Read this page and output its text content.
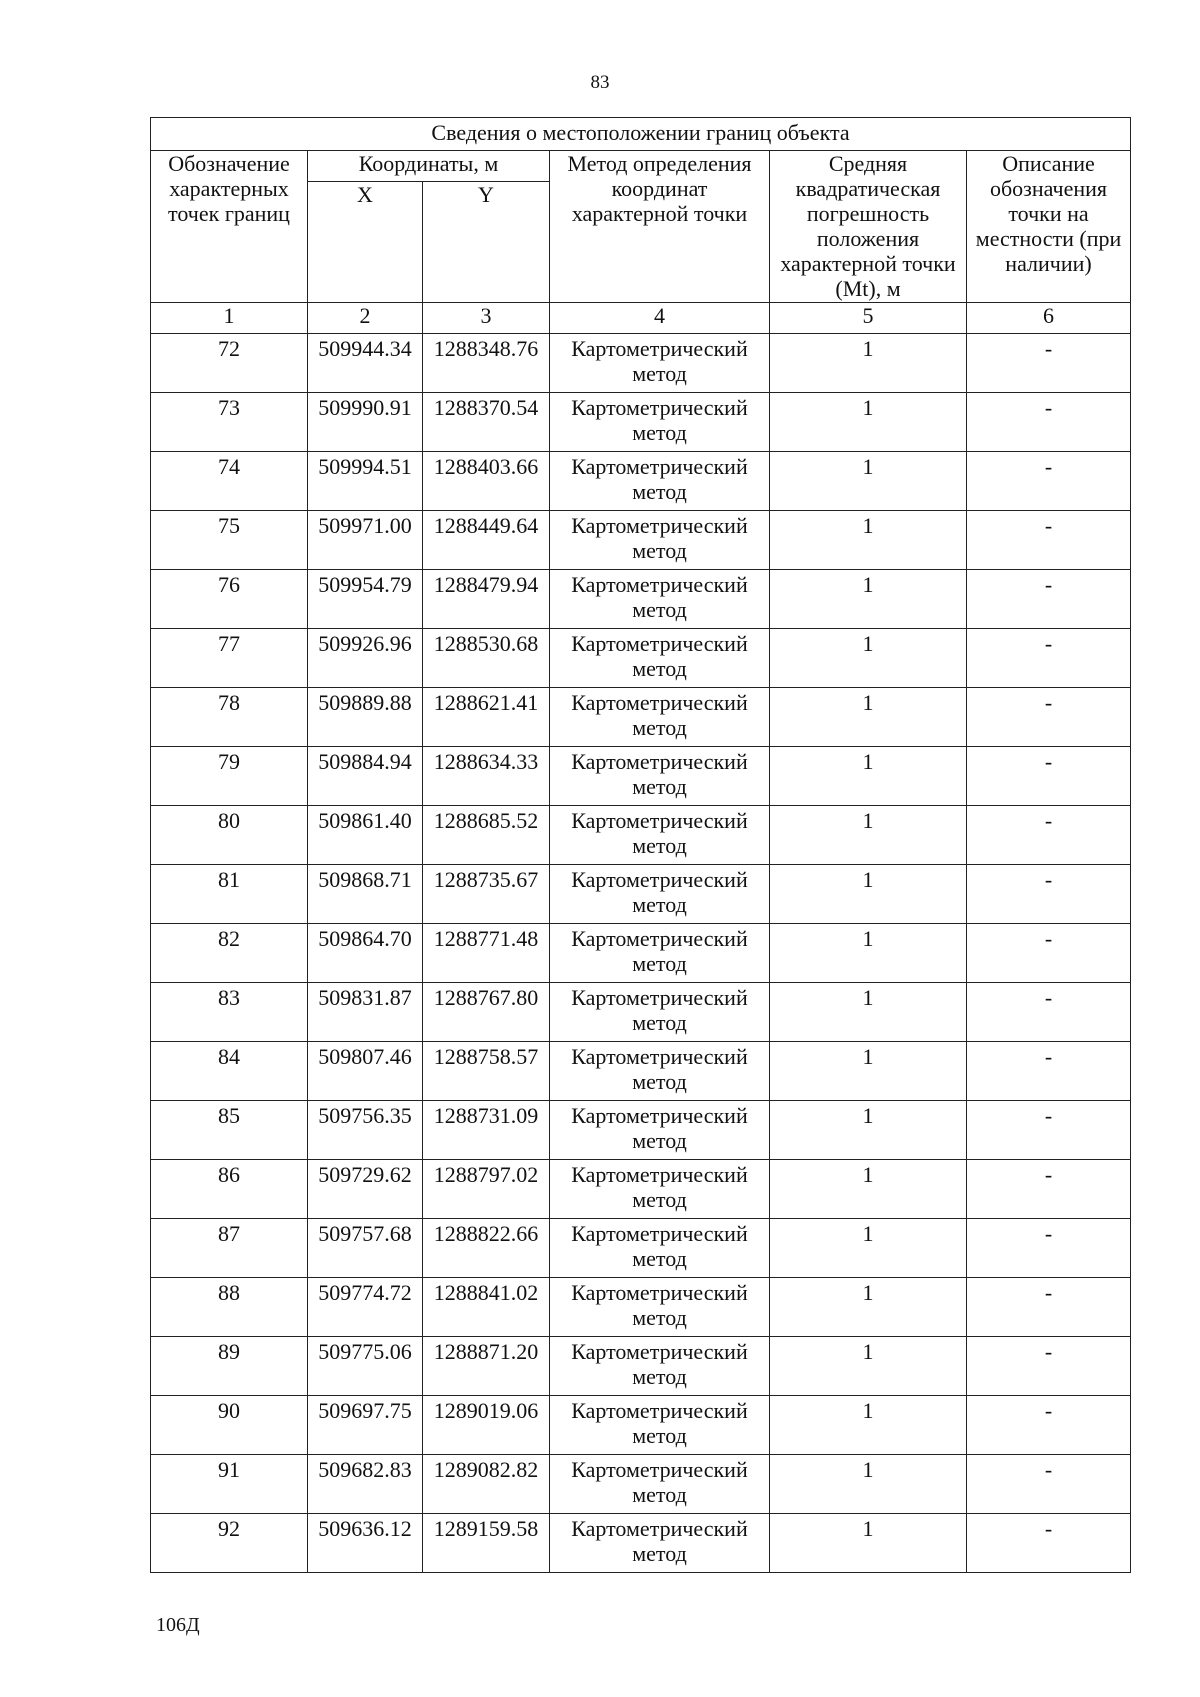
83
Сведения о местоположении границ объекта					
Обозначение характерных точек границ	Координаты, м		Метод определения координат характерной точки	Средняя квадратическая погрешность положения характерной точки (Mt), м	Описание обозначения точки на местности (при наличии)
	X	Y			
1	2	3	4	5	6
72	509944.34	1288348.76	Картометрический метод	1	-
73	509990.91	1288370.54	Картометрический метод	1	-
74	509994.51	1288403.66	Картометрический метод	1	-
75	509971.00	1288449.64	Картометрический метод	1	-
76	509954.79	1288479.94	Картометрический метод	1	-
77	509926.96	1288530.68	Картометрический метод	1	-
78	509889.88	1288621.41	Картометрический метод	1	-
79	509884.94	1288634.33	Картометрический метод	1	-
80	509861.40	1288685.52	Картометрический метод	1	-
81	509868.71	1288735.67	Картометрический метод	1	-
82	509864.70	1288771.48	Картометрический метод	1	-
83	509831.87	1288767.80	Картометрический метод	1	-
84	509807.46	1288758.57	Картометрический метод	1	-
85	509756.35	1288731.09	Картометрический метод	1	-
86	509729.62	1288797.02	Картометрический метод	1	-
87	509757.68	1288822.66	Картометрический метод	1	-
88	509774.72	1288841.02	Картометрический метод	1	-
89	509775.06	1288871.20	Картометрический метод	1	-
90	509697.75	1289019.06	Картометрический метод	1	-
91	509682.83	1289082.82	Картометрический метод	1	-
92	509636.12	1289159.58	Картометрический метод	1	-
106Д
